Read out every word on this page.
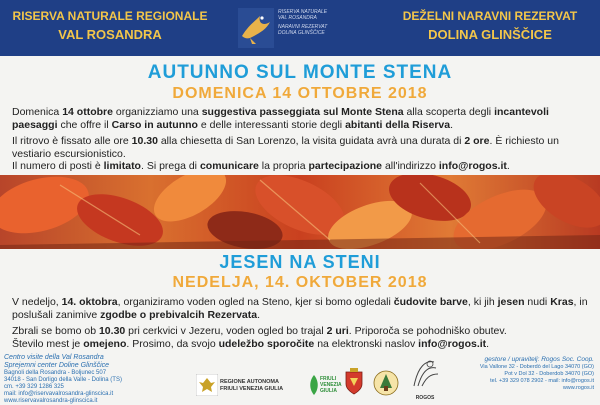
RISERVA NATURALE REGIONALE
VAL ROSANDRA
RISERVA NATURALE
VAL ROSANDRA
NARAVNI REZERVAT
DOLINA GLINŠČICE
DEŽELNI NARAVNI REZERVAT
DOLINA GLINŠČICE
AUTUNNO SUL MONTE STENA
DOMENICA 14 OTTOBRE 2018
Domenica 14 ottobre organizziamo una suggestiva passeggiata sul Monte Stena alla scoperta degli incantevoli paesaggi che offre il Carso in autunno e delle interessanti storie degli abitanti della Riserva.
Il ritrovo è fissato alle ore 10.30 alla chiesetta di San Lorenzo, la visita guidata avrà una durata di 2 ore. È richiesto un vestiario escursionistico.
Il numero di posti è limitato. Si prega di comunicare la propria partecipazione all'indirizzo info@rogos.it.
JESEN NA STENI
NEDELJA, 14. OKTOBER 2018
V nedeljo, 14. oktobra, organiziramo voden ogled na Steno, kjer si bomo ogledali čudovite barve, ki jih jesen nudi Kras, in poslušali zanimive zgodbe o prebivalcih Rezervata.
Zbrali se bomo ob 10.30 pri cerkvici v Jezeru, voden ogled bo trajal 2 uri. Priporoča se pohodniško obutev.
Število mest je omejeno. Prosimo, da svojo udeležbo sporočite na elektronski naslov info@rogos.it.
Centro visite della Val Rosandra
Sprejemni center Doline Glinščice
Bagnoli della Rosandra - Boljunec 507
34018 - San Dorligo della Valle - Dolina (TS)
cm. +39 329 1286 325
mail: info@riservavalrosandra-glinscica.it
www.riservavalrosandra-glinscica.it
REGIONE AUTONOMA
FRIULI VENEZIA GIULIA
FRIULI
VENEZIA
GIULIA
ROGOS
gestore / upravitelj: Rogos Soc. Coop.
Via Vallone 32 - Doberdò del Lago 34070 (GO)
Pot v Dol 32 - Doberdob 34070 (GO)
tel. +39 329 078 2902 - mail: info@rogos.it
www.rogos.it
